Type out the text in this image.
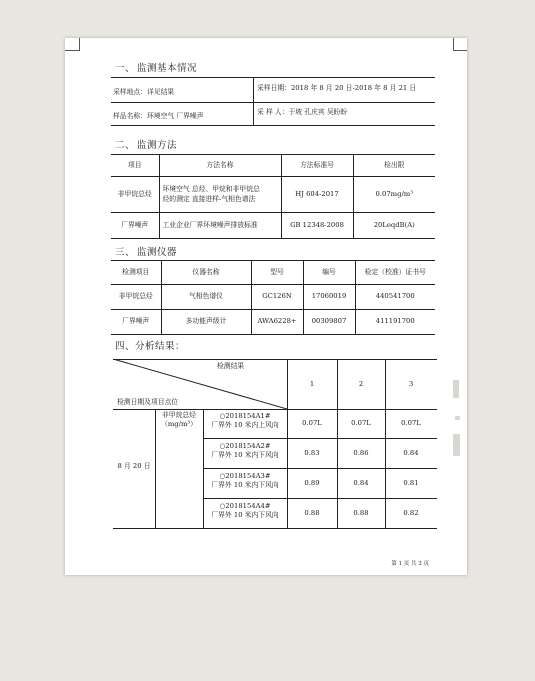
一、 监测基本情况
采样地点：详见结果	采样日期：2018 年 8 月 20 日-2018 年 8 月 21 日
样品名称：环境空气 厂界噪声	采 样 人：于坡 孔庆宾 吴盼盼
二、 监测方法
项目	方法名称	方法标准号	检出限
非甲烷总烃	环境空气 总烃、甲烷和非甲烷总
烃的测定 直接进样-气相色谱法	HJ 604-2017	0.07mg/m³
厂界噪声	工业企业厂界环境噪声排放标准	GB 12348-2008	20LeqdB(A)
三、 监测仪器
检测项目	仪器名称	型号	编号	检定（校准）证书号
非甲烷总烃	气相色谱仪	GC126N	17060019	440541700
厂界噪声	多功能声级计	AWA6228+	00309807	411191700
四、分析结果：
检测结果
检测日期及项目点位
1	2	3
8 月 20 日
非甲烷总烃
（mg/m³）
○2018154A1#
厂界外 10 米内上风向	0.07L	0.07L	0.07L
○2018154A2#
厂界外 10 米内下风向	0.83	0.86	0.84
○2018154A3#
厂界外 10 米内下风向	0.89	0.84	0.81
○2018154A4#
厂界外 10 米内下风向	0.88	0.88	0.82
第 1 页 共 3 页
